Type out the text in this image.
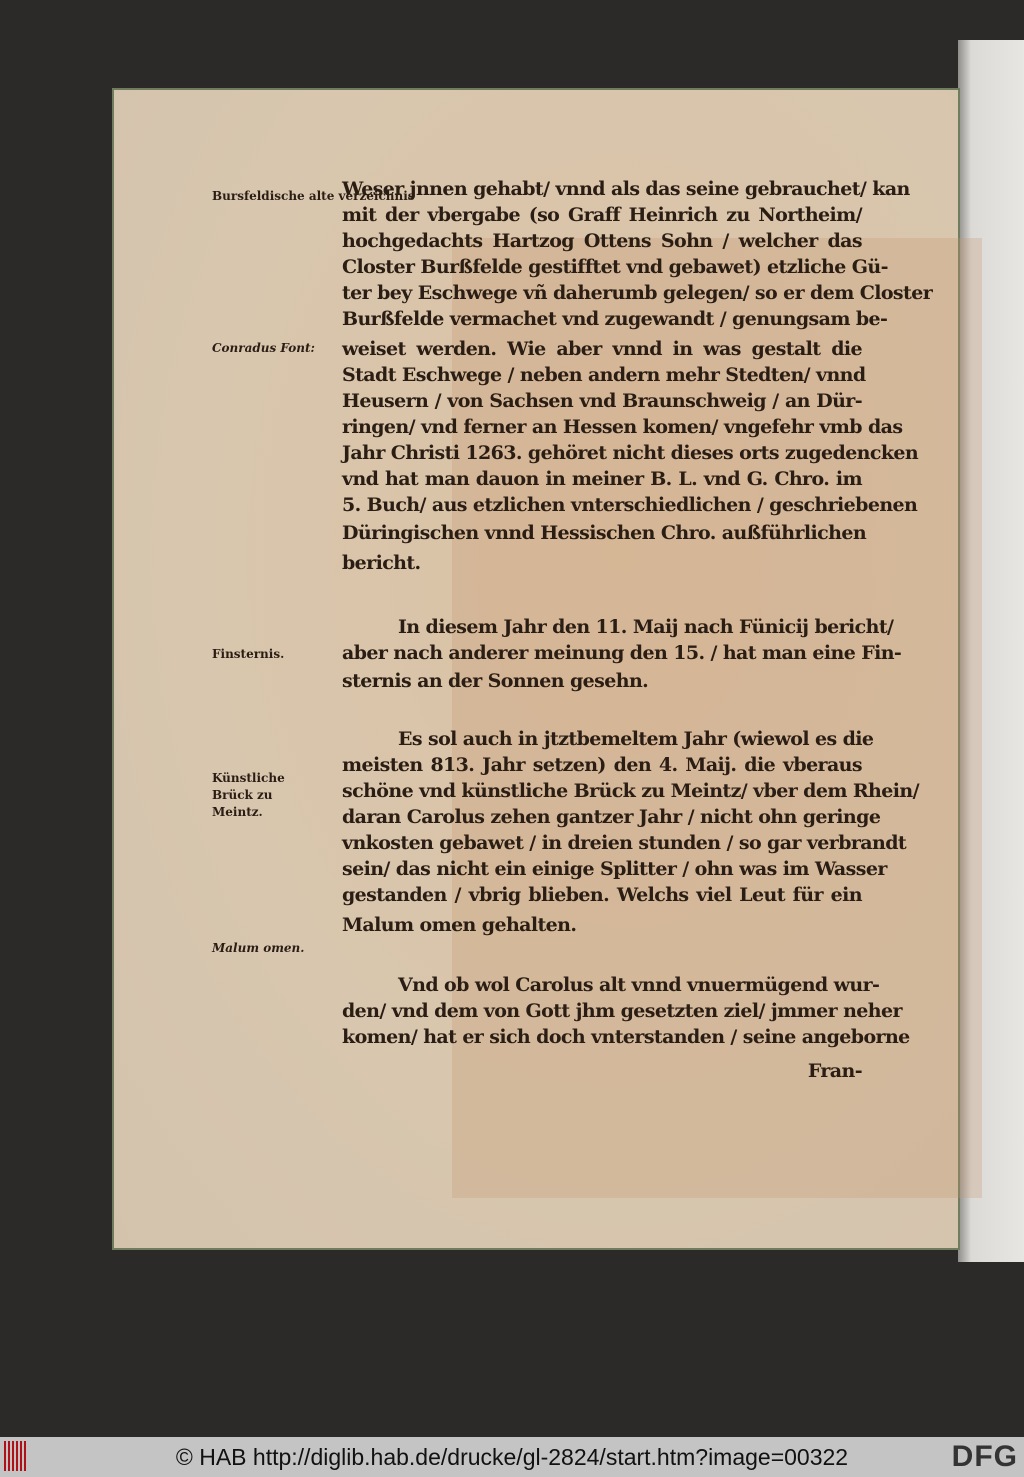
Bursfeldische alte verzeichnis
Conradus Font:
Finsternis.
Künstliche Brück zu Meintz.
Malum omen.
Weser jnnen gehabt/ vnnd als das seine gebrauchet/ kan
mit der vbergabe (so Graff Heinrich zu Northeim/
hochgedachts Hartzog Ottens Sohn / welcher das
Closter Burßfelde gestifftet vnd gebawet) etzliche Gü-
ter bey Eschwege vñ daherumb gelegen/ so er dem Closter
Burßfelde vermachet vnd zugewandt / genungsam be-
weiset werden. Wie aber vnnd in was gestalt die
Stadt Eschwege / neben andern mehr Stedten/ vnnd
Heusern / von Sachsen vnd Braunschweig / an Dür-
ringen/ vnd ferner an Hessen komen/ vngefehr vmb das
Jahr Christi 1263. gehöret nicht dieses orts zugedencken
vnd hat man dauon in meiner B. L. vnd G. Chro. im
5. Buch/ aus etzlichen vnterschiedlichen / geschriebenen
Düringischen vnnd Hessischen Chro. außführlichen
bericht.
In diesem Jahr den 11. Maij nach Fünicij bericht/
aber nach anderer meinung den 15. / hat man eine Fin-
sternis an der Sonnen gesehn.
Es sol auch in jtztbemeltem Jahr (wiewol es die
meisten 813. Jahr setzen) den 4. Maij. die vberaus
schöne vnd künstliche Brück zu Meintz/ vber dem Rhein/
daran Carolus zehen gantzer Jahr / nicht ohn geringe
vnkosten gebawet / in dreien stunden / so gar verbrandt
sein/ das nicht ein einige Splitter / ohn was im Wasser
gestanden / vbrig blieben. Welchs viel Leut für ein
Malum omen gehalten.
Vnd ob wol Carolus alt vnnd vnuermügend wur-
den/ vnd dem von Gott jhm gesetzten ziel/ jmmer neher
komen/ hat er sich doch vnterstanden / seine angeborne
Fran-
© HAB http://diglib.hab.de/drucke/gl-2824/start.htm?image=00322	DFG
